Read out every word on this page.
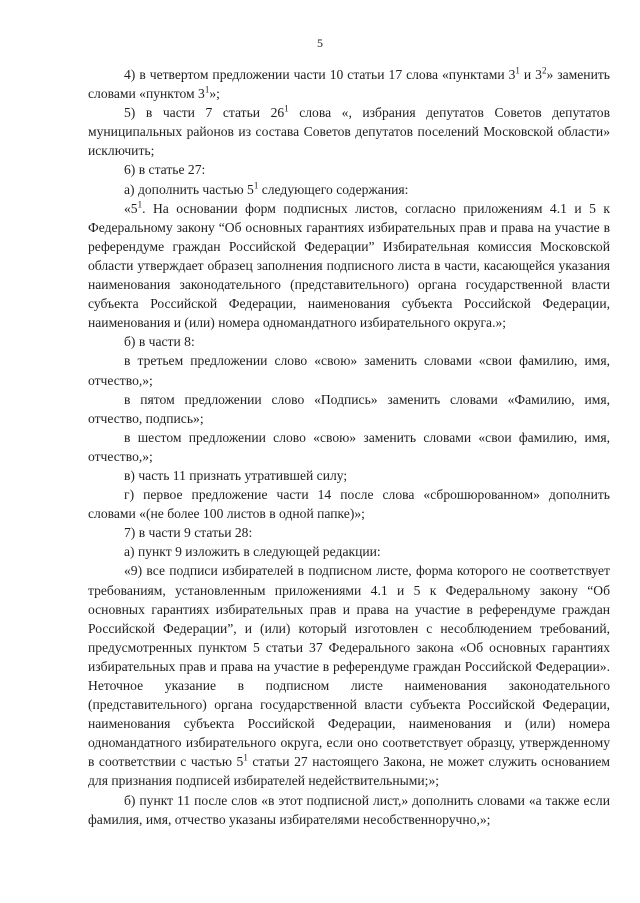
5

4) в четвертом предложении части 10 статьи 17 слова «пунктами $3^1$ и $3^2$» заменить словами «пунктом $3^1$»;

5) в части 7 статьи $26^1$ слова «, избрания депутатов Советов депутатов муниципальных районов из состава Советов депутатов поселений Московской области» исключить;

6) в статье 27:

а) дополнить частью $5^1$ следующего содержания:

«$5^1$. На основании форм подписных листов, согласно приложениям 4.1 и 5 к Федеральному закону “Об основных гарантиях избирательных прав и права на участие в референдуме граждан Российской Федерации” Избирательная комиссия Московской области утверждает образец заполнения подписного листа в части, касающейся указания наименования законодательного (представительного) органа государственной власти субъекта Российской Федерации, наименования субъекта Российской Федерации, наименования и (или) номера одномандатного избирательного округа.»;

б) в части 8:

в третьем предложении слово «свою» заменить словами «свои фамилию, имя, отчество,»;

в пятом предложении слово «Подпись» заменить словами «Фамилию, имя, отчество, подпись»;

в шестом предложении слово «свою» заменить словами «свои фамилию, имя, отчество,»;

в) часть 11 признать утратившей силу;

г) первое предложение части 14 после слова «сброшюрованном» дополнить словами «(не более 100 листов в одной папке)»;

7) в части 9 статьи 28:

а) пункт 9 изложить в следующей редакции:

«9) все подписи избирателей в подписном листе, форма которого не соответствует требованиям, установленным приложениями 4.1 и 5 к Федеральному закону “Об основных гарантиях избирательных прав и права на участие в референдуме граждан Российской Федерации”, и (или) который изготовлен с несоблюдением требований, предусмотренных пунктом 5 статьи 37 Федерального закона «Об основных гарантиях избирательных прав и права на участие в референдуме граждан Российской Федерации». Неточное указание в подписном листе наименования законодательного (представительного) органа государственной власти субъекта Российской Федерации, наименования субъекта Российской Федерации, наименования и (или) номера одномандатного избирательного округа, если оно соответствует образцу, утвержденному в соответствии с частью $5^1$ статьи 27 настоящего Закона, не может служить основанием для признания подписей избирателей недействительными;»;

б) пункт 11 после слов «в этот подписной лист,» дополнить словами «а также если фамилия, имя, отчество указаны избирателями несобственноручно,»;
